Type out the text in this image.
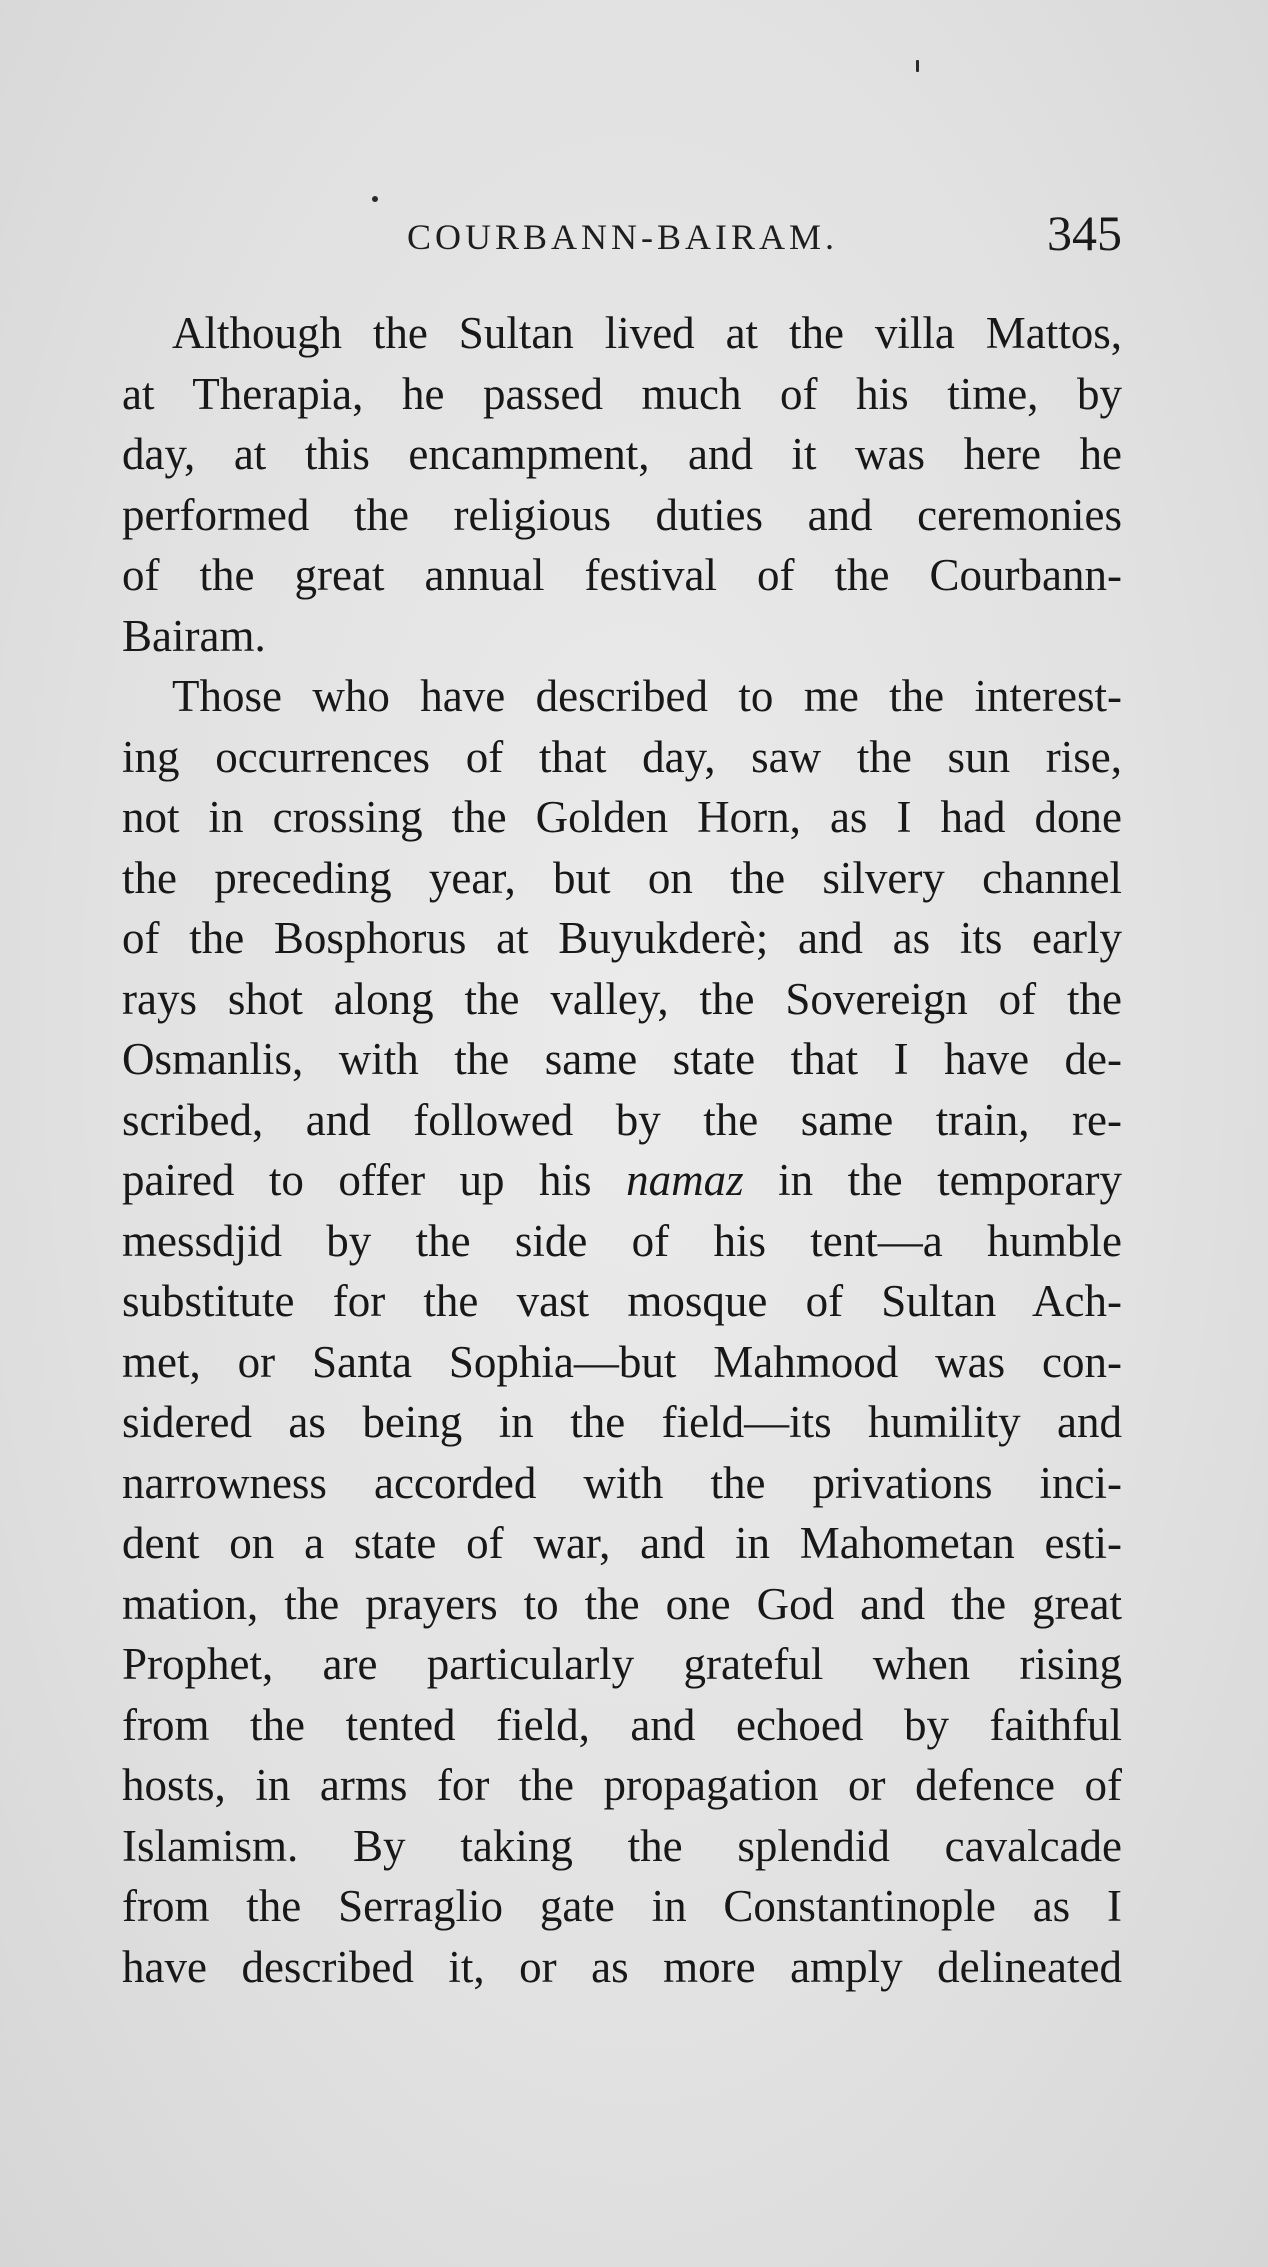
COURBANN-BAIRAM.	345
Although the Sultan lived at the villa Mattos,
at Therapia, he passed much of his time, by
day, at this encampment, and it was here he
performed the religious duties and ceremonies
of the great annual festival of the Courbann-
Bairam.
Those who have described to me the interest-
ing occurrences of that day, saw the sun rise,
not in crossing the Golden Horn, as I had done
the preceding year, but on the silvery channel
of the Bosphorus at Buyukderè; and as its early
rays shot along the valley, the Sovereign of the
Osmanlis, with the same state that I have de-
scribed, and followed by the same train, re-
paired to offer up his namaz in the temporary
messdjid by the side of his tent—a humble
substitute for the vast mosque of Sultan Ach-
met, or Santa Sophia—but Mahmood was con-
sidered as being in the field—its humility and
narrowness accorded with the privations inci-
dent on a state of war, and in Mahometan esti-
mation, the prayers to the one God and the great
Prophet, are particularly grateful when rising
from the tented field, and echoed by faithful
hosts, in arms for the propagation or defence of
Islamism. By taking the splendid cavalcade
from the Serraglio gate in Constantinople as I
have described it, or as more amply delineated
